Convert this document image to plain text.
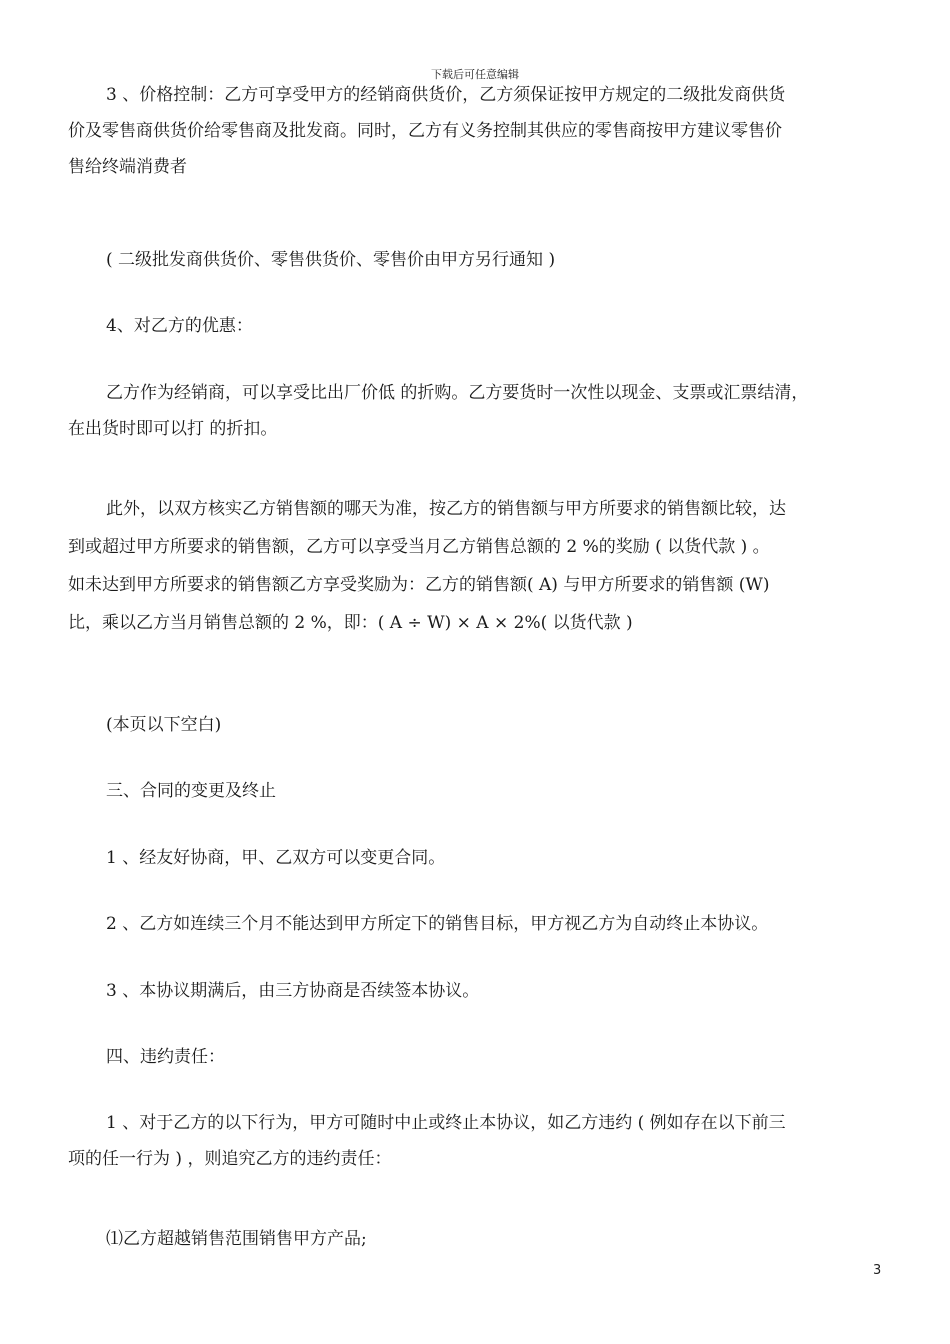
下载后可任意编辑

3 、价格控制：乙方可享受甲方的经销商供货价，乙方须保证按甲方规定的二级批发商供货
价及零售商供货价给零售商及批发商。同时，乙方有义务控制其供应的零售商按甲方建议零售价
售给终端消费者

( 二级批发商供货价、零售供货价、零售价由甲方另行通知 )

4、对乙方的优惠：

乙方作为经销商，可以享受比出厂价低 的折购。乙方要货时一次性以现金、支票或汇票结清，
在出货时即可以打 的折扣。

此外，以双方核实乙方销售额的哪天为准，按乙方的销售额与甲方所要求的销售额比较，达
到或超过甲方所要求的销售额，乙方可以享受当月乙方销售总额的 2 %的奖励 ( 以货代款 ) 。
如未达到甲方所要求的销售额乙方享受奖励为：乙方的销售额( A) 与甲方所要求的销售额 (W)
比，乘以乙方当月销售总额的 2 %，即：( A ÷ W) × A × 2%( 以货代款 )

(本页以下空白)

三、合同的变更及终止

1 、经友好协商，甲、乙双方可以变更合同。

2 、乙方如连续三个月不能达到甲方所定下的销售目标，甲方视乙方为自动终止本协议。

3 、本协议期满后，由三方协商是否续签本协议。

四、违约责任：

1 、对于乙方的以下行为，甲方可随时中止或终止本协议，如乙方违约 ( 例如存在以下前三
项的任一行为 ) ，则追究乙方的违约责任：

⑴乙方超越销售范围销售甲方产品;

3
